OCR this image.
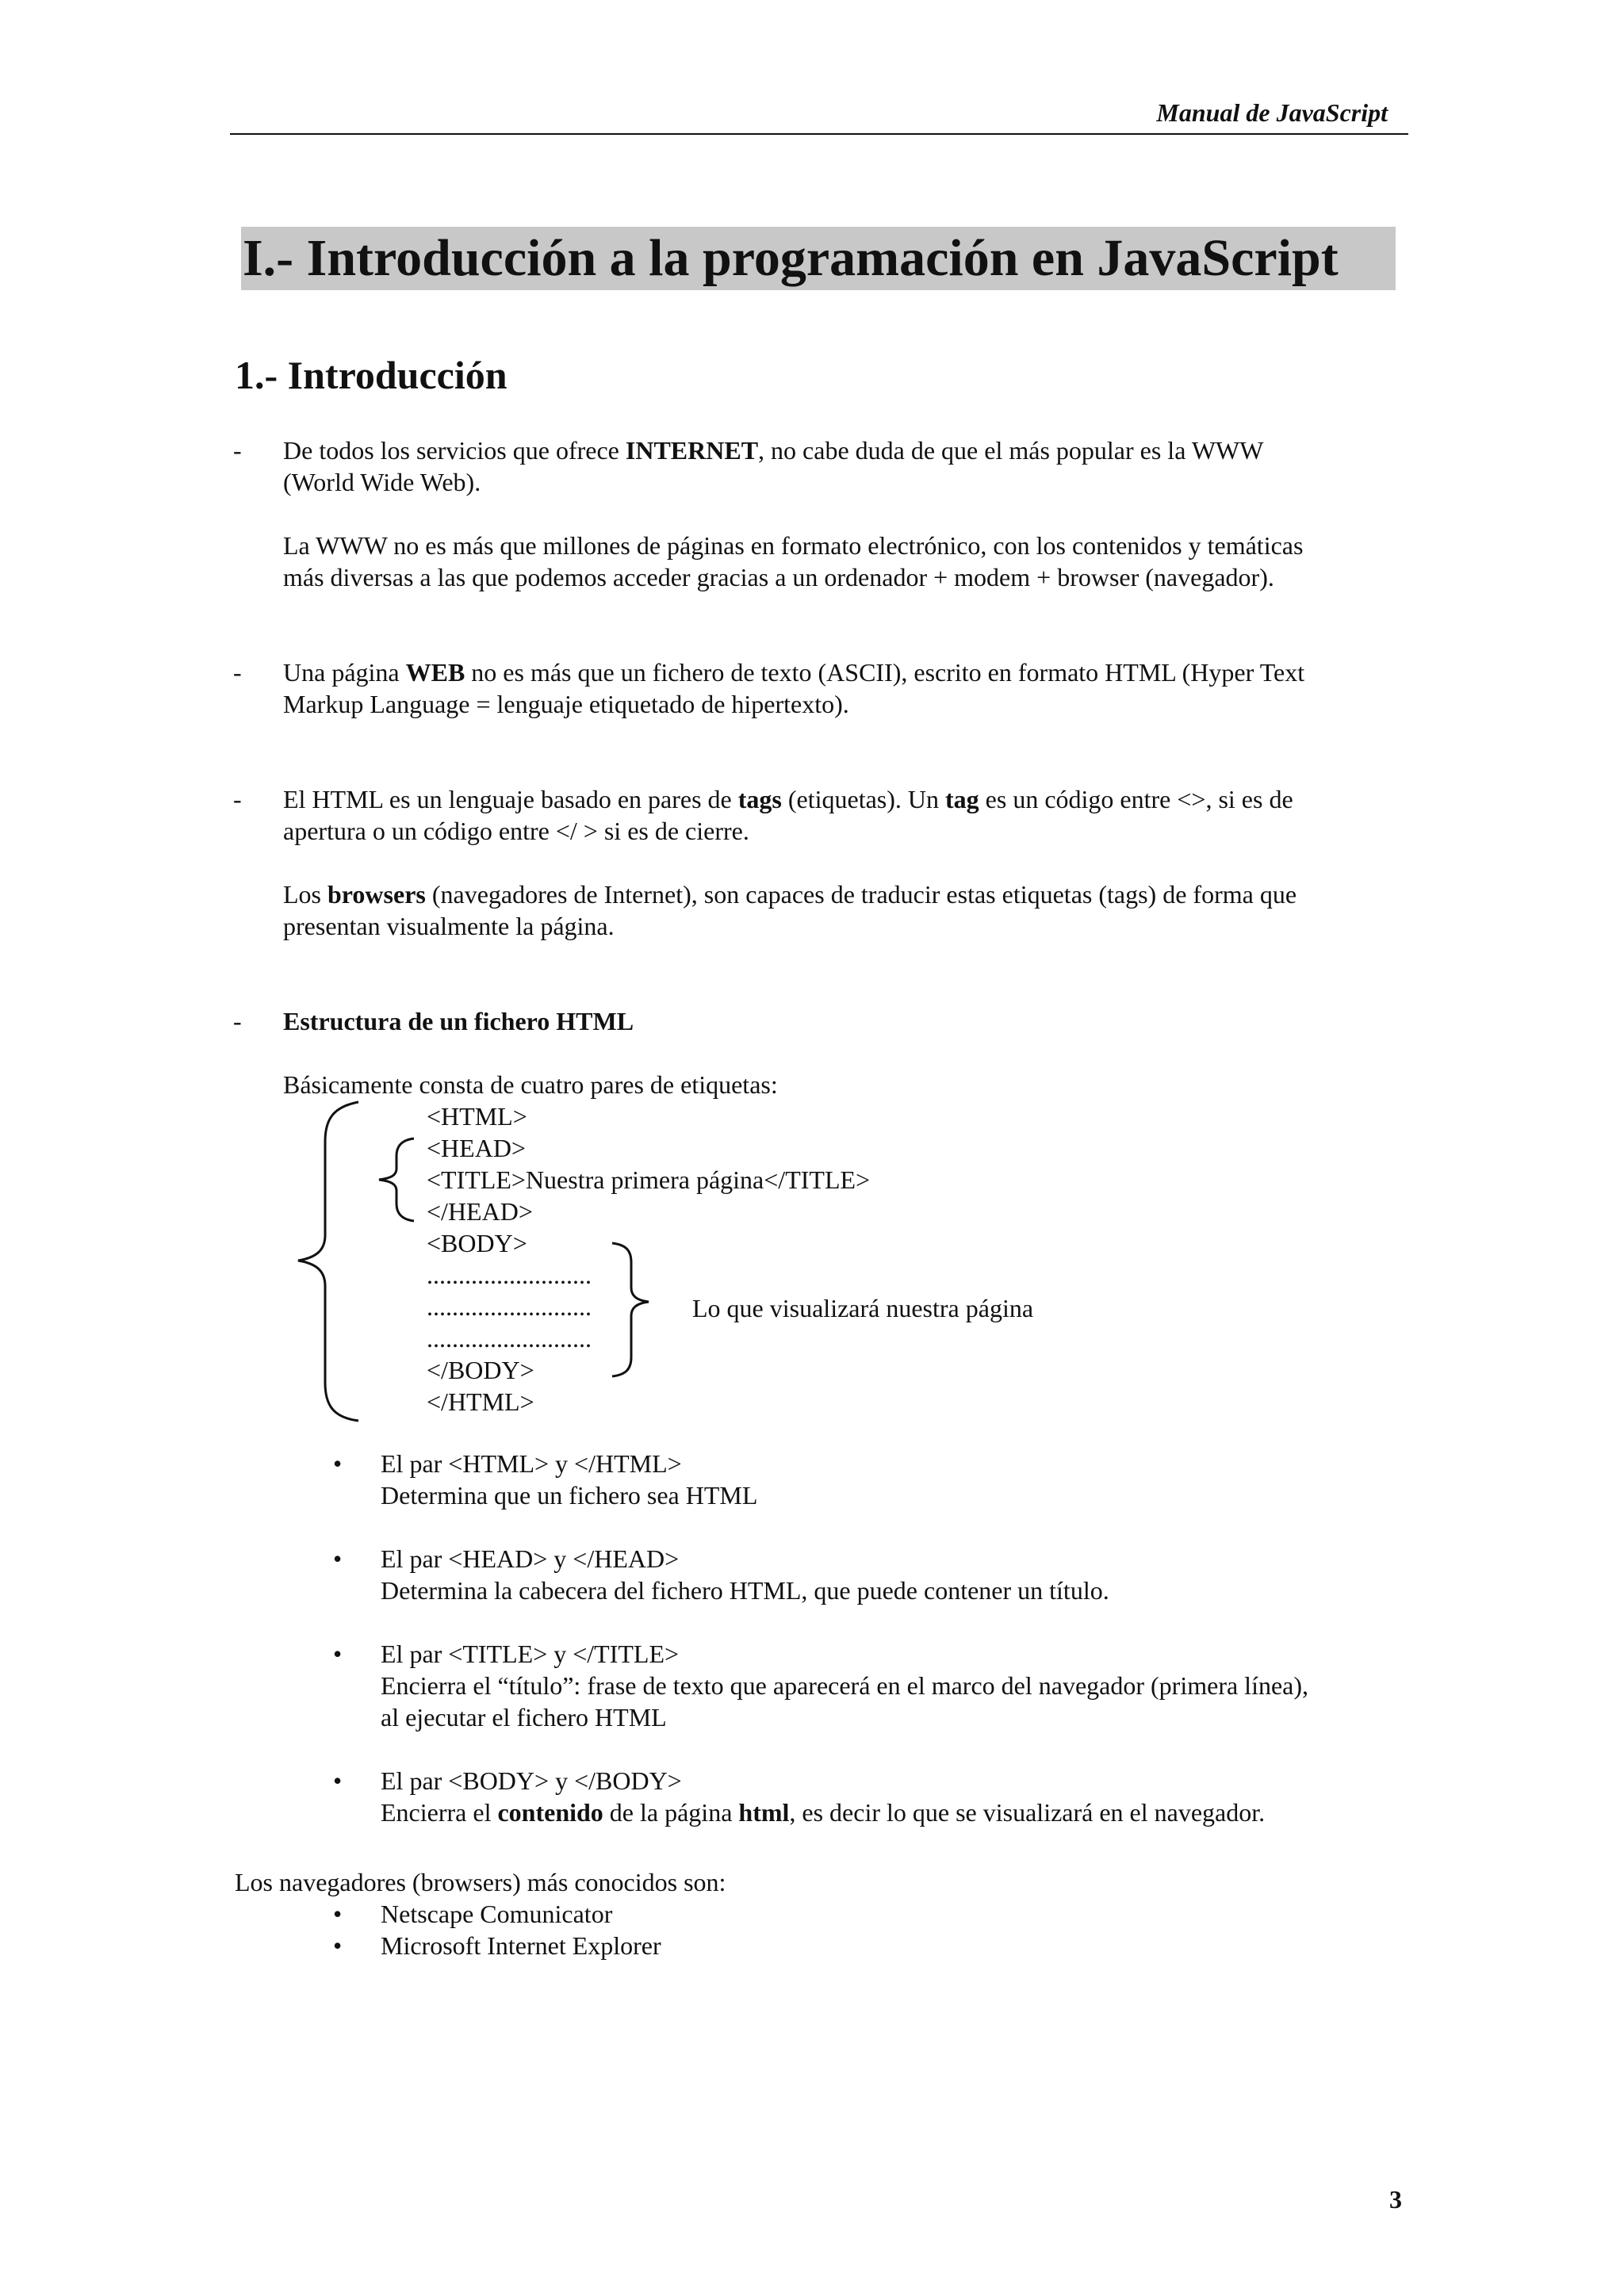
Manual de JavaScript
I.- Introducción a la programación en JavaScript
1.- Introducción
- De todos los servicios que ofrece INTERNET, no cabe duda de que el más popular es la WWW
(World Wide Web).
La WWW no es más que millones de páginas en formato electrónico, con los contenidos y temáticas
más diversas a las que podemos acceder gracias a un ordenador + modem + browser (navegador).
- Una página WEB no es más que un fichero de texto (ASCII), escrito en formato HTML (Hyper Text
Markup Language = lenguaje etiquetado de hipertexto).
- El HTML es un lenguaje basado en pares de tags (etiquetas). Un tag es un código entre <>, si es de
apertura o un código entre </ > si es de cierre.
Los browsers (navegadores de Internet), son capaces de traducir estas etiquetas (tags) de forma que
presentan visualmente la página.
- Estructura de un fichero HTML
Básicamente consta de cuatro pares de etiquetas:
<HTML>
<HEAD>
<TITLE>Nuestra primera página</TITLE>
</HEAD>
<BODY>
..........................
..........................
..........................
</BODY>
</HTML>
Lo que visualizará nuestra página
• El par <HTML> y </HTML>
Determina que un fichero sea HTML
• El par <HEAD> y </HEAD>
Determina la cabecera del fichero HTML, que puede contener un título.
• El par <TITLE> y </TITLE>
Encierra el “título”: frase de texto que aparecerá en el marco del navegador (primera línea),
al ejecutar el fichero HTML
• El par <BODY> y </BODY>
Encierra el contenido de la página html, es decir lo que se visualizará en el navegador.
Los navegadores (browsers) más conocidos son:
• Netscape Comunicator
• Microsoft Internet Explorer
3
